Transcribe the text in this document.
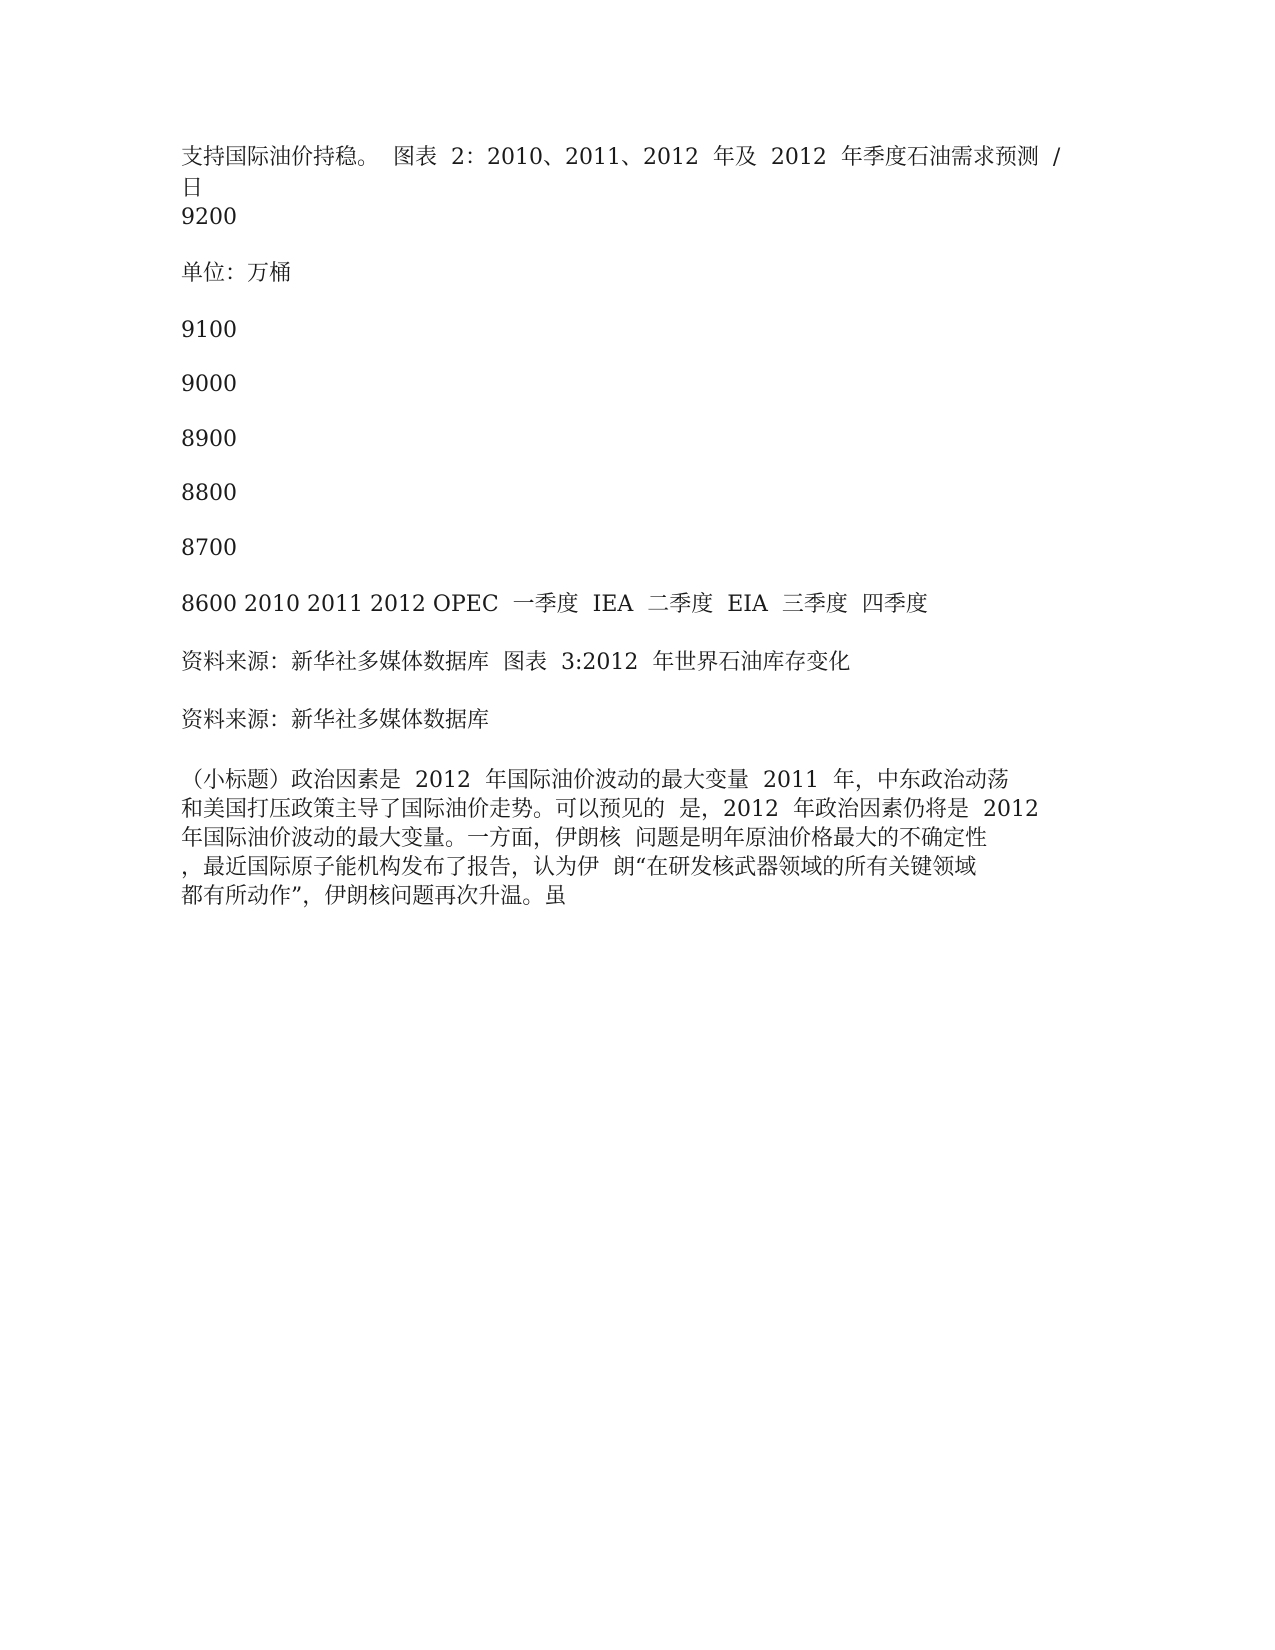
支持国际油价持稳。  图表  2：2010、2011、2012  年及  2012  年季度石油需求预测  /

日

9200

单位：万桶

9100

9000

8900

8800

8700

8600 2010 2011 2012 OPEC  一季度  IEA  二季度  EIA  三季度  四季度

资料来源：新华社多媒体数据库  图表  3:2012  年世界石油库存变化

资料来源：新华社多媒体数据库

（小标题）政治因素是  2012  年国际油价波动的最大变量  2011  年，中东政治动荡
和美国打压政策主导了国际油价走势。可以预见的  是，2012  年政治因素仍将是  2012
年国际油价波动的最大变量。一方面，伊朗核  问题是明年原油价格最大的不确定性
，最近国际原子能机构发布了报告，认为伊  朗“在研发核武器领域的所有关键领域
都有所动作”，伊朗核问题再次升温。虽
